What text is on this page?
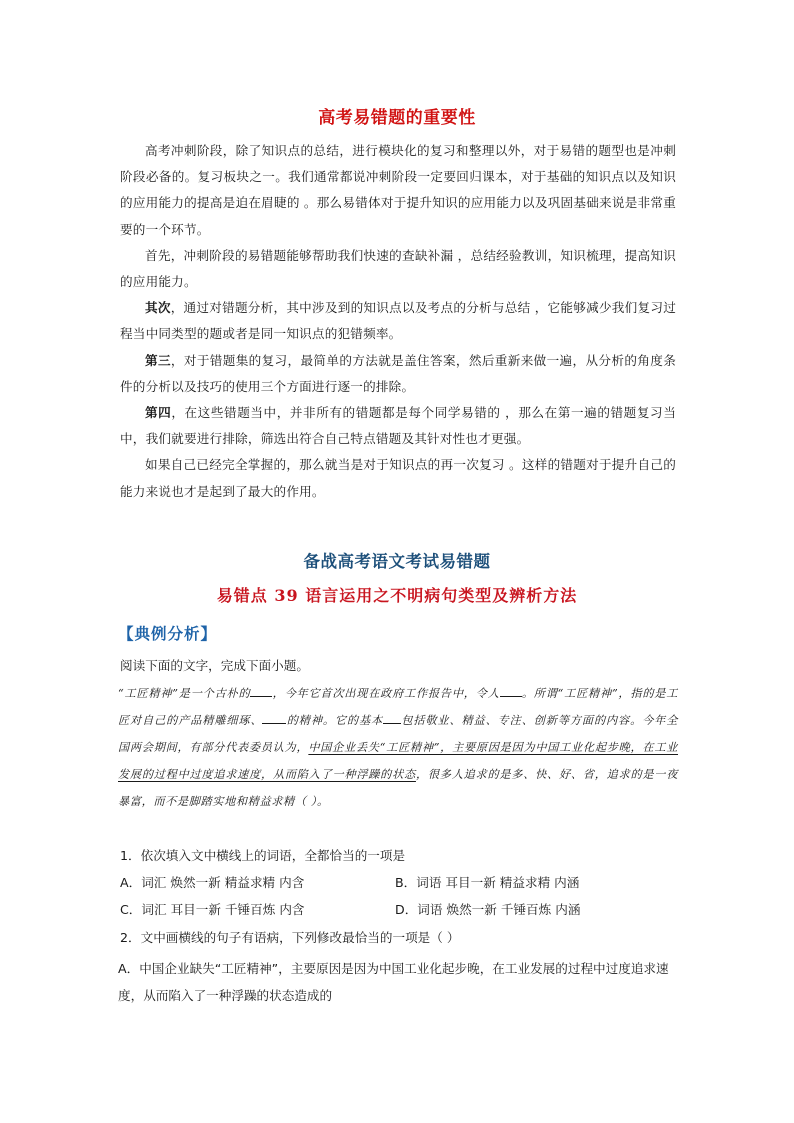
高考易错题的重要性

高考冲刺阶段，除了知识点的总结，进行模块化的复习和整理以外，对于易错的题型也是冲刺阶段必备的。复习板块之一。我们通常都说冲刺阶段一定要回归课本，对于基础的知识点以及知识的应用能力的提高是迫在眉睫的 。那么易错体对于提升知识的应用能力以及巩固基础来说是非常重要的一个环节。

首先，冲刺阶段的易错题能够帮助我们快速的查缺补漏 ，总结经验教训，知识梳理，提高知识的应用能力。

其次，通过对错题分析，其中涉及到的知识点以及考点的分析与总结 ，它能够减少我们复习过程当中同类型的题或者是同一知识点的犯错频率。

第三，对于错题集的复习，最简单的方法就是盖住答案，然后重新来做一遍，从分析的角度条件的分析以及技巧的使用三个方面进行逐一的排除。

第四，在这些错题当中，并非所有的错题都是每个同学易错的 ，那么在第一遍的错题复习当中，我们就要进行排除，筛选出符合自己特点错题及其针对性也才更强。

如果自己已经完全掌握的，那么就当是对于知识点的再一次复习 。这样的错题对于提升自己的能力来说也才是起到了最大的作用。

备战高考语文考试易错题
易错点 39 语言运用之不明病句类型及辨析方法
【典例分析】
阅读下面的文字，完成下面小题。
“工匠精神”是一个古朴的 ，今年它首次出现在政府工作报告中，令人 。所谓“工匠精神”，指的是工匠对自己的产品精雕细琢、 的精神。它的基本 包括敬业、精益、专注、创新等方面的内容。今年全国两会期间，有部分代表委员认为，中国企业丢失“工匠精神”，主要原因是因为中国工业化起步晚，在工业发展的过程中过度追求速度，从而陷入了一种浮躁的状态，很多人追求的是多、快、好、省，追求的是一夜暴富，而不是脚踏实地和精益求精（ ）。
1．依次填入文中横线上的词语，全都恰当的一项是
A．词汇 焕然一新 精益求精 内含	B．词语 耳目一新 精益求精 内涵
C．词汇 耳目一新 千锤百炼 内含	D．词语 焕然一新 千锤百炼 内涵
2．文中画横线的句子有语病，下列修改最恰当的一项是（ ）
A．中国企业缺失“工匠精神”，主要原因是因为中国工业化起步晚，在工业发展的过程中过度追求速度，从而陷入了一种浮躁的状态造成的
